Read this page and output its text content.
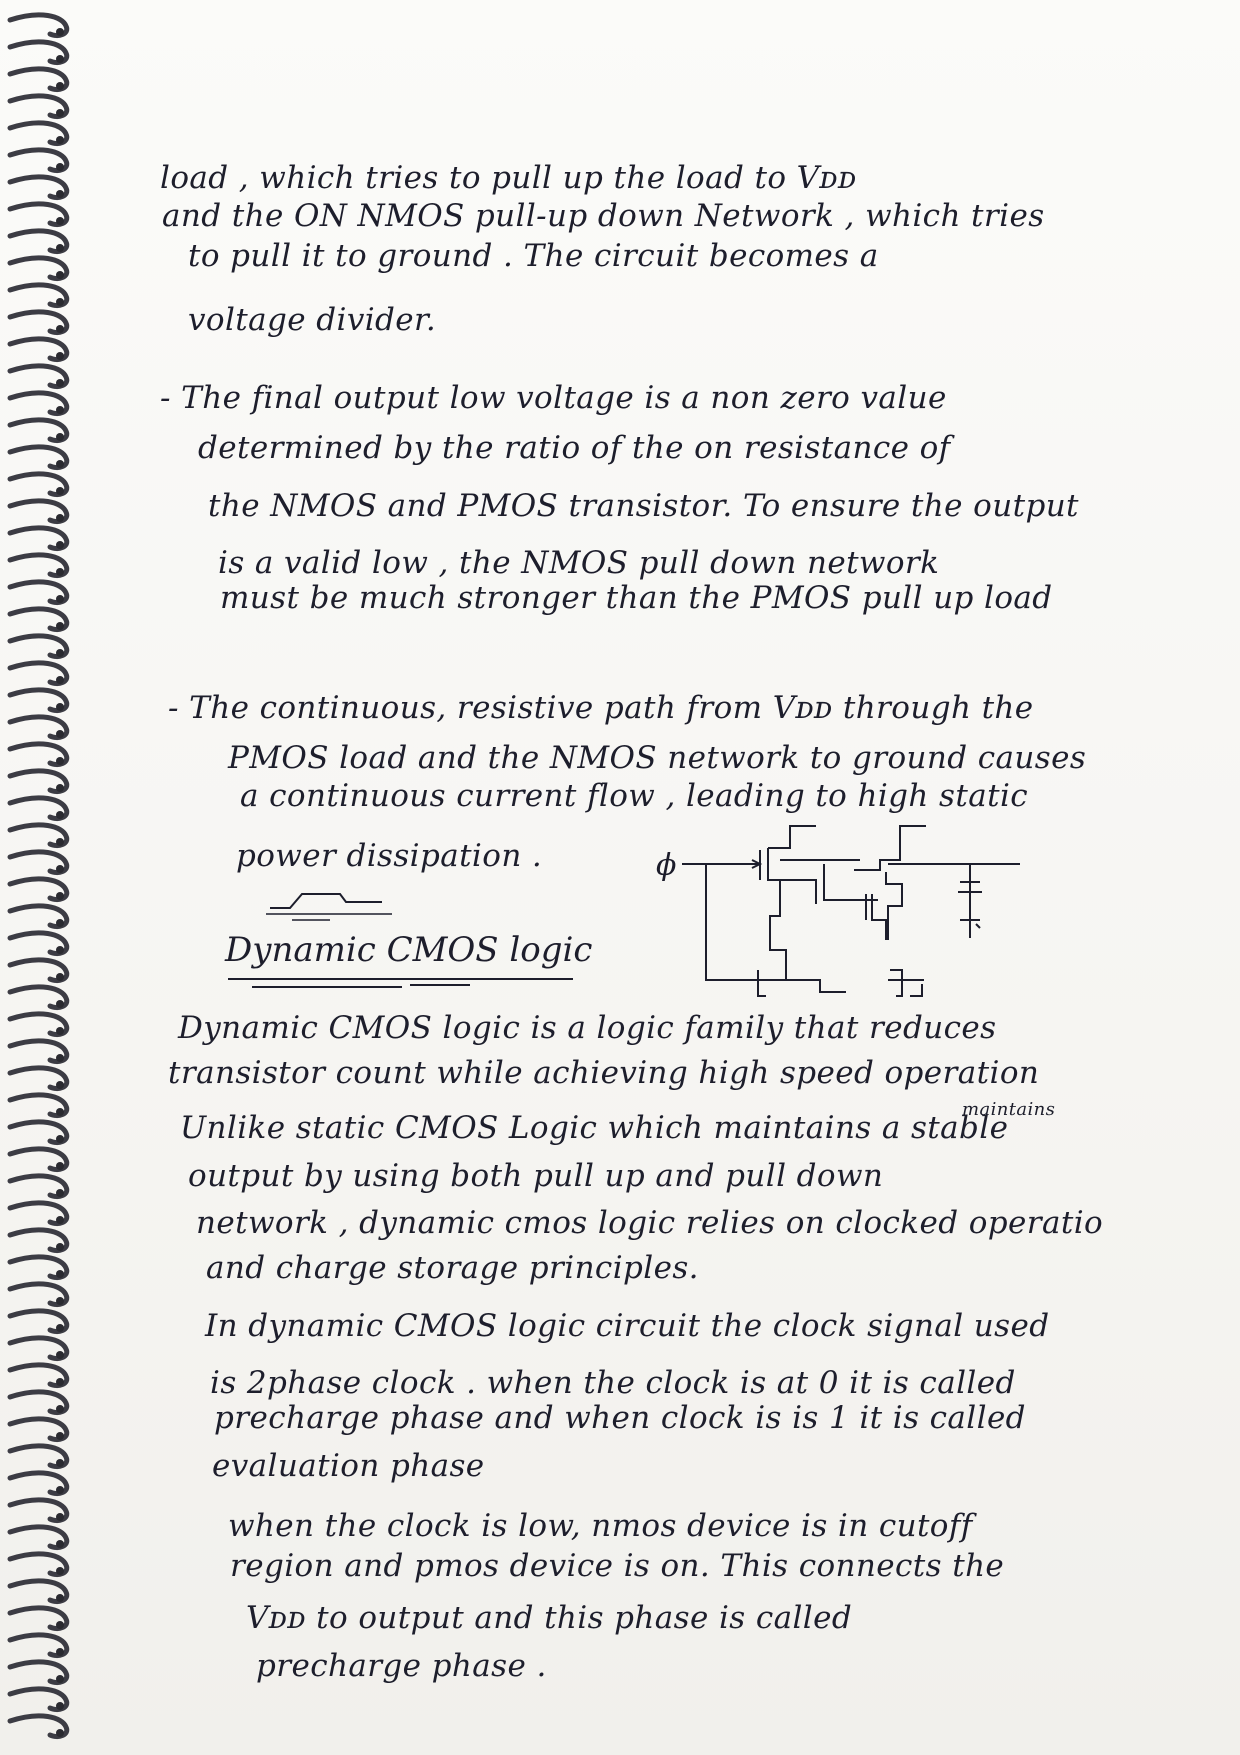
load , which tries to pull up the load to Vᴅᴅ
and the ON NMOS pull-up down Network , which tries
to pull it to ground . The circuit becomes a
voltage divider.
- The final output low voltage is a non zero value
determined by the ratio of the on resistance of
the NMOS and PMOS transistor. To ensure the output
is a valid low , the NMOS pull down network
must be much stronger than the PMOS pull up load
- The continuous, resistive path from Vᴅᴅ through the
PMOS load and the NMOS network to ground causes
a continuous current flow , leading to high static
power dissipation .
Dynamic CMOS logic
ϕ
Dynamic CMOS logic is a logic family that reduces
transistor count while achieving high speed operation
maintains
Unlike static CMOS Logic which maintains a stable
output by using both pull up and pull down
network , dynamic cmos logic relies on clocked operatio
and charge storage principles.
In dynamic CMOS logic circuit the clock signal used
is 2phase clock . when the clock is at 0 it is called
precharge phase and when clock is is 1 it is called
evaluation phase
when the clock is low, nmos device is in cutoff
region and pmos device is on. This connects the
Vᴅᴅ to output and this phase is called
precharge phase .
